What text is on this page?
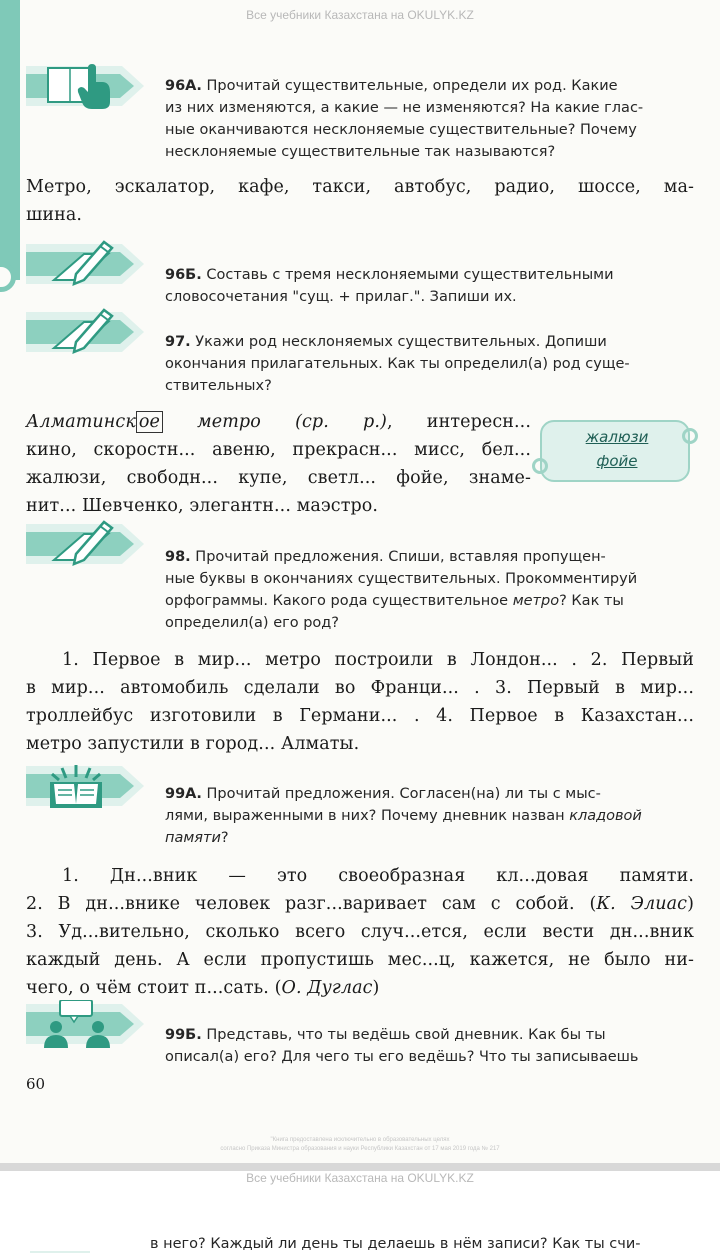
Все учебники Казахстана на OKULYK.KZ
96А. Прочитай существительные, определи их род. Какие
из них изменяются, а какие — не изменяются? На какие глас-
ные оканчиваются несклоняемые существительные? Почему
несклоняемые существительные так называются?

Метро, эскалатор, кафе, такси, автобус, радио, шоссе, ма-

шина.

96Б. Составь с тремя несклоняемыми существительными
словосочетания "сущ. + прилаг.". Запиши их.
97. Укажи род несклоняемых существительных. Допиши
окончания прилагательных. Как ты определил(а) род суще-
ствительных?

Алматинск ое метро (ср. р.), интересн...

кино, скоростн... авеню, прекрасн... мисс, бел...

жалюзи, свободн... купе, светл... фойе, знаме-

нит... Шевченко, элегантн... маэстро.

жалюзи
фойе
98. Прочитай предложения. Спиши, вставляя пропущен-
ные буквы в окончаниях существительных. Прокомментируй
орфограммы. Какого рода существительное метро? Как ты
определил(а) его род?

1. Первое в мир... метро построили в Лондон... . 2. Первый

в мир... автомобиль сделали во Франци... . 3. Первый в мир...

троллейбус изготовили в Германи... . 4. Первое в Казахстан...

метро запустили в город... Алматы.

99А. Прочитай предложения. Согласен(на) ли ты с мыс-
лями, выраженными в них? Почему дневник назван кладовой
памяти?

1. Дн...вник — это своеобразная кл...довая памяти.

2. В дн...внике человек разг...варивает сам с собой. (К. Элиас)

3. Уд...вительно, сколько всего случ...ется, если вести дн...вник

каждый день. А если пропустишь мес...ц, кажется, не было ни-

чего, о чём стоит п...сать. (О. Дуглас)

99Б. Представь, что ты ведёшь свой дневник. Как бы ты
описал(а) его? Для чего ты его ведёшь? Что ты записываешь
60
"Книга предоставлена исключительно в образовательных целях
согласно Приказа Министра образования и науки Республики Казахстан от 17 мая 2019 года № 217
Все учебники Казахстана на OKULYK.KZ
в него? Каждый ли день ты делаешь в нём записи? Как ты счи-
